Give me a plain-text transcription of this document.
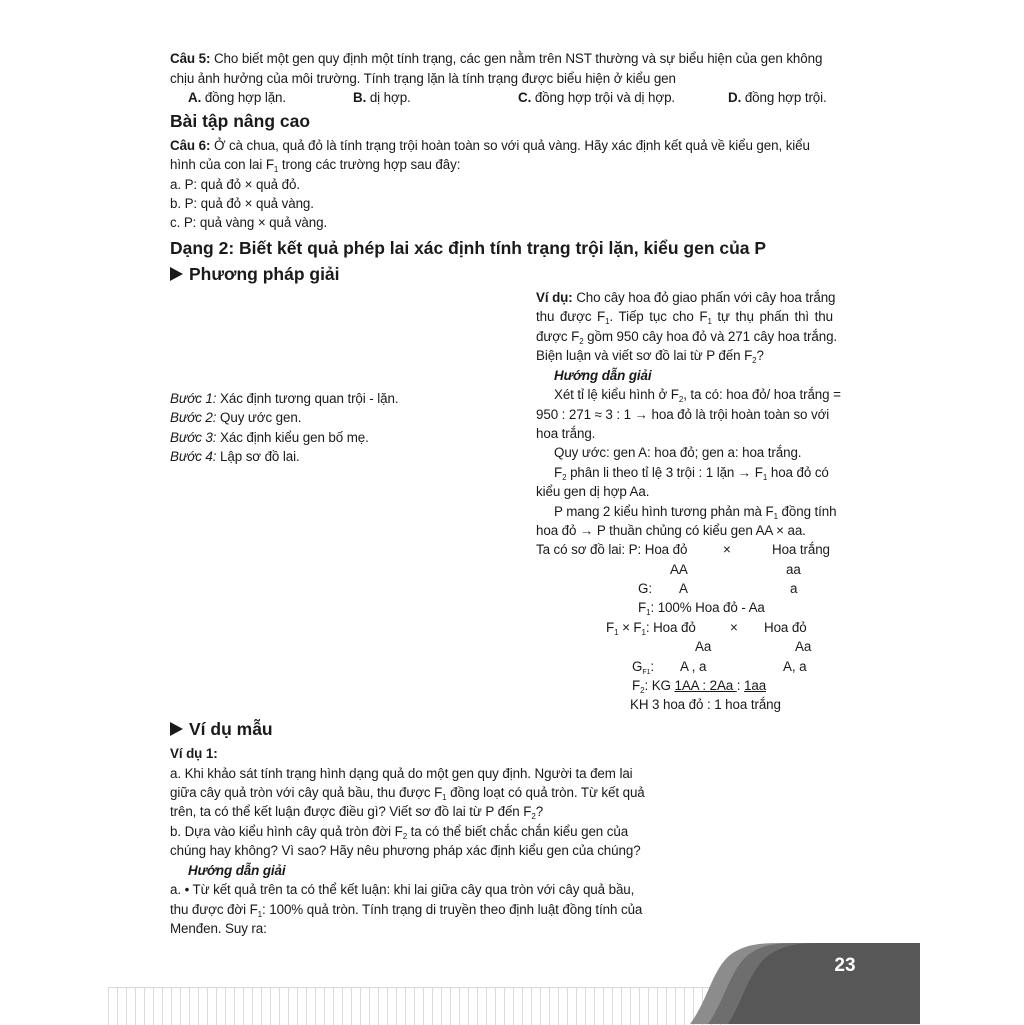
Câu 5: Cho biết một gen quy định một tính trạng, các gen nằm trên NST thường và sự biểu hiện của gen không
chịu ảnh hưởng của môi trường. Tính trạng lặn là tính trạng được biểu hiện ở kiểu gen
A. đồng hợp lặn.	B. dị hợp.	C. đồng hợp trội và dị hợp.	D. đồng hợp trội.
Bài tập nâng cao
Câu 6: Ở cà chua, quả đỏ là tính trạng trội hoàn toàn so với quả vàng. Hãy xác định kết quả về kiểu gen, kiểu
hình của con lai $F_1$ trong các trường hợp sau đây:
a. P: quả đỏ × quả đỏ.
b. P: quả đỏ × quả vàng.
c. P: quả vàng × quả vàng.
Dạng 2: Biết kết quả phép lai xác định tính trạng trội lặn, kiểu gen của P
Phương pháp giải
Bước 1: Xác định tương quan trội - lặn.
Bước 2: Quy ước gen.
Bước 3: Xác định kiểu gen bố mẹ.
Bước 4: Lập sơ đồ lai.
Ví dụ: Cho cây hoa đỏ giao phấn với cây hoa trắng
thu được $F_1$. Tiếp tục cho $F_1$ tự thụ phấn thì thu
được $F_2$ gồm 950 cây hoa đỏ và 271 cây hoa trắng.
Biện luận và viết sơ đồ lai từ P đến $F_2$?
Hướng dẫn giải
Xét tỉ lệ kiểu hình ở $F_2$, ta có: hoa đỏ/ hoa trắng =
950 : 271 ≈ 3 : 1 → hoa đỏ là trội hoàn toàn so với
hoa trắng.
Quy ước: gen A: hoa đỏ; gen a: hoa trắng.
$F_2$ phân li theo tỉ lệ 3 trội : 1 lặn → $F_1$ hoa đỏ có
kiểu gen dị hợp Aa.
P mang 2 kiểu hình tương phản mà $F_1$ đồng tính
hoa đỏ → P thuần chủng có kiểu gen AA × aa.
Ta có sơ đồ lai: P: Hoa đỏ	×	Hoa trắng
AA	aa
G: A	a
$F_1$: 100% Hoa đỏ - Aa
$F_1 \times F_1$: Hoa đỏ	× Hoa đỏ
Aa	Aa
$G_{F1}$: A , a	A, a
$F_2$: KG 1AA : 2Aa : 1aa
KH 3 hoa đỏ : 1 hoa trắng
Ví dụ mẫu
Ví dụ 1:
a. Khi khảo sát tính trạng hình dạng quả do một gen quy định. Người ta đem lai
giữa cây quả tròn với cây quả bầu, thu được $F_1$ đồng loạt có quả tròn. Từ kết quả
trên, ta có thể kết luận được điều gì? Viết sơ đồ lai từ P đến $F_2$?
b. Dựa vào kiểu hình cây quả tròn đời $F_2$ ta có thể biết chắc chắn kiểu gen của
chúng hay không? Vì sao? Hãy nêu phương pháp xác định kiểu gen của chúng?
Hướng dẫn giải
a. • Từ kết quả trên ta có thể kết luận: khi lai giữa cây qua tròn với cây quả bầu,
thu được đời $F_1$: 100% quả tròn. Tính trạng di truyền theo định luật đồng tính của
Menđen. Suy ra:
23
